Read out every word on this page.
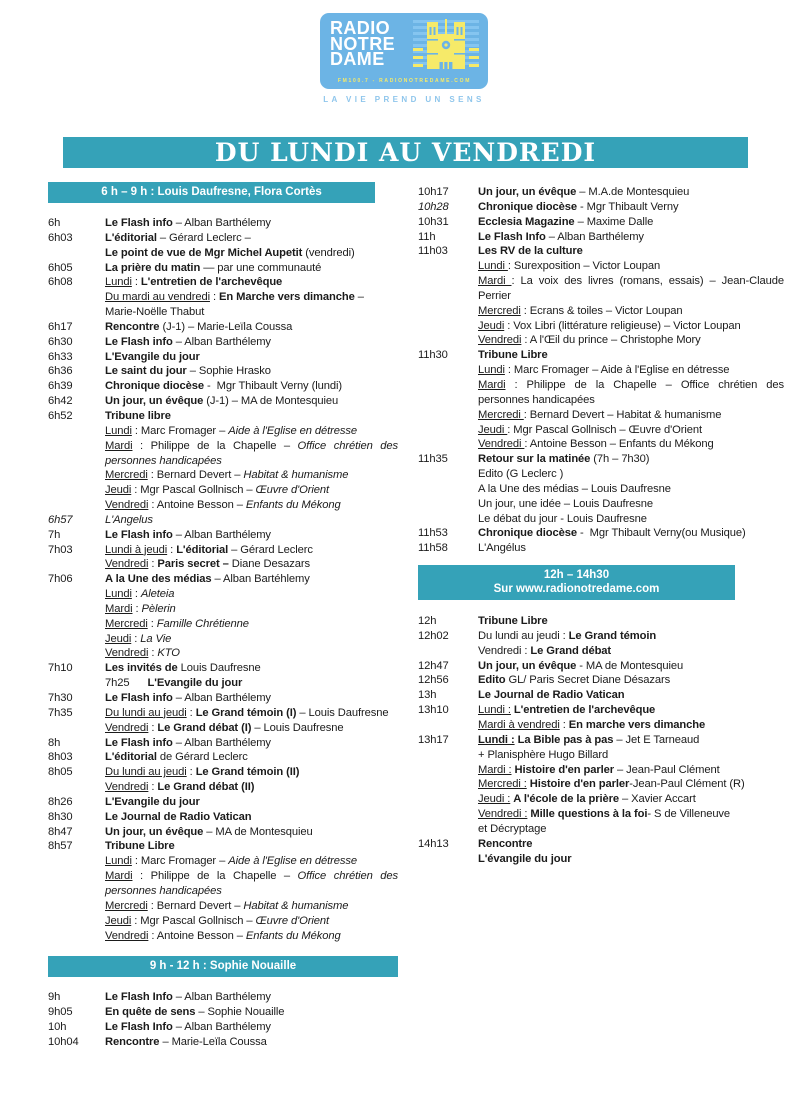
RADIO
NOTRE
DAME
FM100.7 - RADIONOTREDAME.COM
LA VIE PREND UN SENS
DU LUNDI AU VENDREDI
6 h – 9 h : Louis Daufresne, Flora Cortès
6h	Le Flash info – Alban Barthélemy
6h03	L'éditorial – Gérard Leclerc –
Le point de vue de Mgr Michel Aupetit (vendredi)
6h05	La prière du matin — par une communauté
6h08	Lundi : L'entretien de l'archevêque
Du mardi au vendredi : En Marche vers dimanche –
Marie-Noëlle Thabut
6h17	Rencontre (J-1) – Marie-Leïla Coussa
6h30	Le Flash info – Alban Barthélemy
6h33	L'Evangile du jour
6h36	Le saint du jour – Sophie Hrasko
6h39	Chronique diocèse -  Mgr Thibault Verny (lundi)
6h42	Un jour, un évêque (J-1) – MA de Montesquieu
6h52	Tribune libre
Lundi : Marc Fromager – Aide à l'Eglise en détresse
Mardi : Philippe de la Chapelle – Office chrétien des personnes handicapées
Mercredi : Bernard Devert – Habitat & humanisme
Jeudi : Mgr Pascal Gollnisch – Œuvre d'Orient
Vendredi : Antoine Besson – Enfants du Mékong
6h57	L'Angelus
7h	Le Flash info – Alban Barthélemy
7h03	Lundi à jeudi : L'éditorial – Gérard Leclerc
Vendredi : Paris secret – Diane Desazars
7h06	A la Une des médias – Alban Bartéhlemy
Lundi : Aleteia
Mardi : Pèlerin
Mercredi : Famille Chrétienne
Jeudi : La Vie
Vendredi : KTO
7h10	Les invités de Louis Daufresne
7h25      L'Evangile du jour
7h30	Le Flash info – Alban Barthélemy
7h35	Du lundi au jeudi : Le Grand témoin (I) – Louis Daufresne
Vendredi : Le Grand débat (I) – Louis Daufresne
8h	Le Flash info – Alban Barthélemy
8h03	L'éditorial de Gérard Leclerc
8h05	Du lundi au jeudi : Le Grand témoin (II)
Vendredi : Le Grand débat (II)
8h26	L'Evangile du jour
8h30	Le Journal de Radio Vatican
8h47	Un jour, un évêque – MA de Montesquieu
8h57	Tribune Libre
Lundi : Marc Fromager – Aide à l'Eglise en détresse
Mardi : Philippe de la Chapelle – Office chrétien des personnes handicapées
Mercredi : Bernard Devert – Habitat & humanisme
Jeudi : Mgr Pascal Gollnisch – Œuvre d'Orient
Vendredi : Antoine Besson – Enfants du Mékong
9 h - 12 h : Sophie Nouaille
9h	Le Flash Info – Alban Barthélemy
9h05	En quête de sens – Sophie Nouaille
10h	Le Flash Info – Alban Barthélemy
10h04	Rencontre – Marie-Leïla Coussa
10h17	Un jour, un évêque – M.A.de Montesquieu
10h28	Chronique diocèse - Mgr Thibault Verny
10h31	Ecclesia Magazine – Maxime Dalle
11h	Le Flash Info – Alban Barthélemy
11h03	Les RV de la culture
Lundi : Surexposition – Victor Loupan
Mardi : La voix des livres (romans, essais) – Jean-Claude Perrier
Mercredi : Ecrans & toiles – Victor Loupan
Jeudi : Vox Libri (littérature religieuse) – Victor Loupan
Vendredi : A l'Œil du prince – Christophe Mory
11h30	Tribune Libre
Lundi : Marc Fromager – Aide à l'Eglise en détresse
Mardi : Philippe de la Chapelle – Office chrétien des personnes handicapées
Mercredi : Bernard Devert – Habitat & humanisme
Jeudi : Mgr Pascal Gollnisch – Œuvre d'Orient
Vendredi : Antoine Besson – Enfants du Mékong
11h35	Retour sur la matinée (7h – 7h30)
Edito (G Leclerc )
A la Une des médias – Louis Daufresne
Un jour, une idée – Louis Daufresne
Le débat du jour - Louis Daufresne
11h53	Chronique diocèse -  Mgr Thibault Verny(ou Musique)
11h58	L'Angélus
12h – 14h30
Sur www.radionotredame.com
12h	Tribune Libre
12h02	Du lundi au jeudi : Le Grand témoin
Vendredi : Le Grand débat
12h47	Un jour, un évêque - MA de Montesquieu
12h56	Edito GL/ Paris Secret Diane Désazars
13h	Le Journal de Radio Vatican
13h10	Lundi : L'entretien de l'archevêque
Mardi à vendredi : En marche vers dimanche
13h17	Lundi : La Bible pas à pas – Jet E Tarneaud
+ Planisphère Hugo Billard
Mardi : Histoire d'en parler – Jean-Paul Clément
Mercredi : Histoire d'en parler-Jean-Paul Clément (R)
Jeudi : A l'école de la prière – Xavier Accart
Vendredi : Mille questions à la foi- S de Villeneuve
et Décryptage
14h13	Rencontre
L'évangile du jour
